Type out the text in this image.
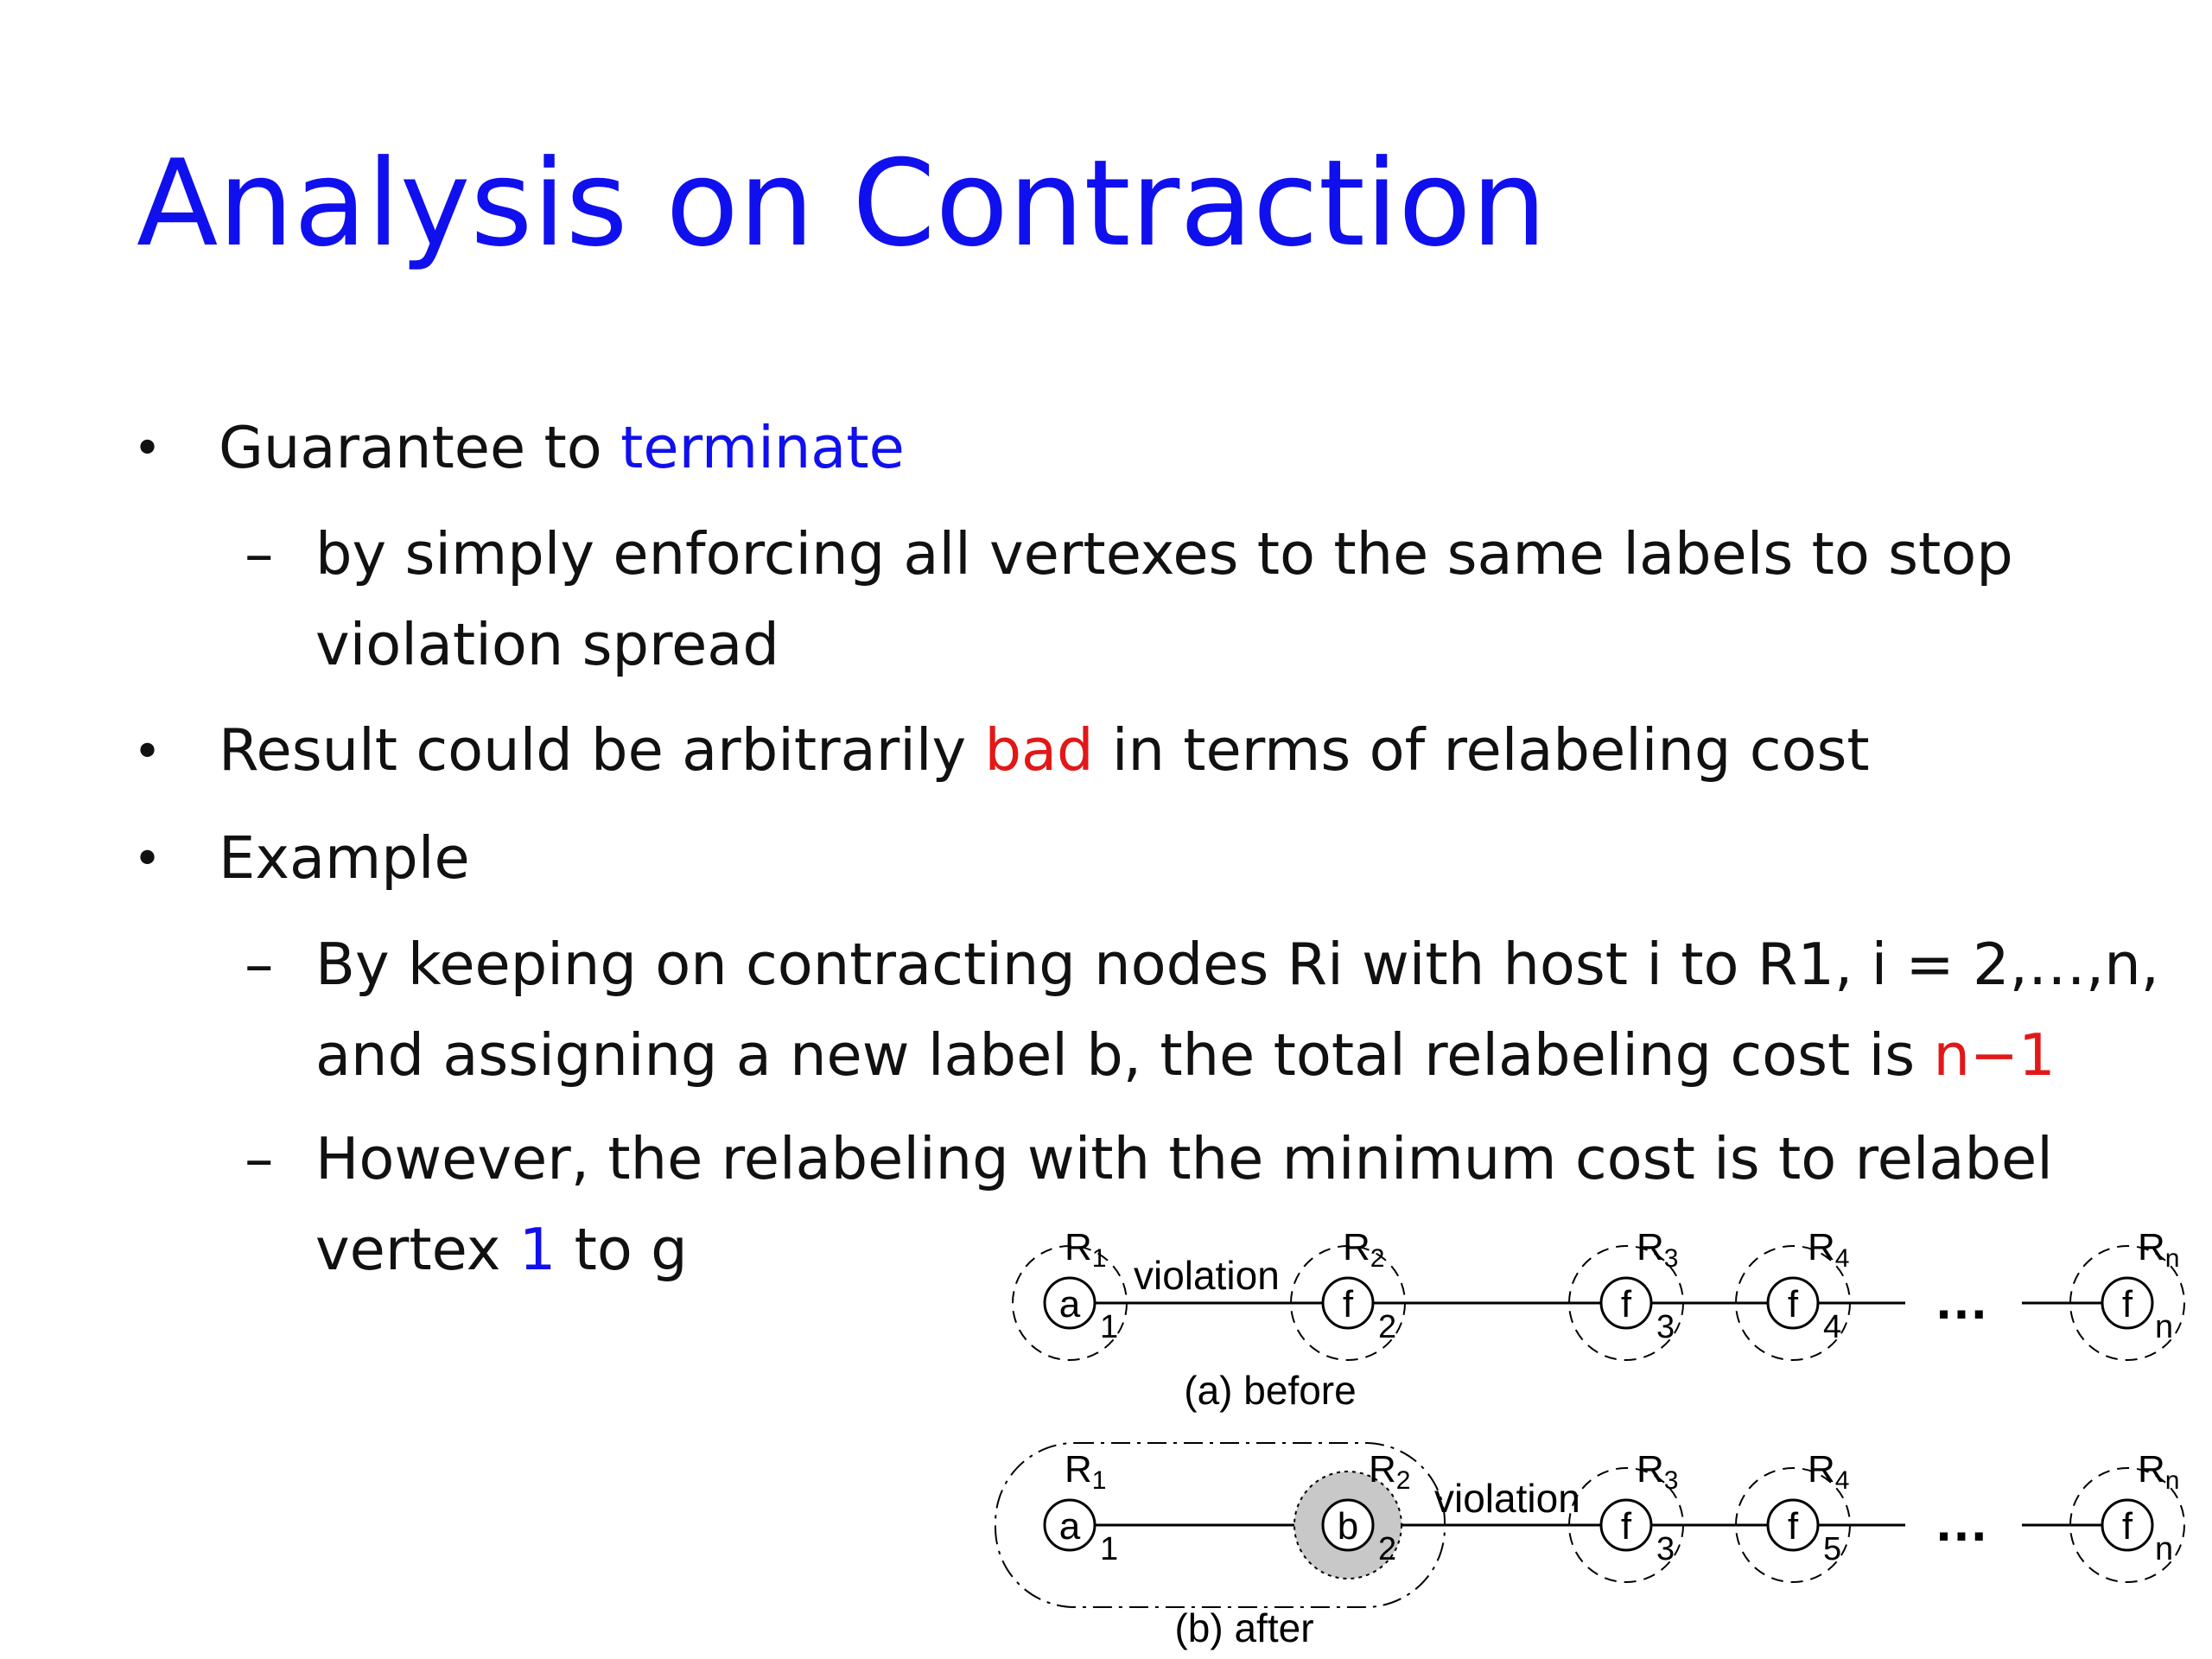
Analysis on Contraction
• Guarantee to terminate
– by simply enforcing all vertexes to the same labels to stop
violation spread
• Result could be arbitrarily bad in terms of relabeling cost
• Example
– By keeping on contracting nodes Ri with host i to R1, i = 2,…,n,
and assigning a new label b, the total relabeling cost is n−1
– However, the relabeling with the minimum cost is to relabel
vertex 1 to g
…
violation
(a) before
a
R1
1
f
R2
2
f
R3
3
f
R4
4
f
Rn
n
…
violation
(b) after
a
R1
1
b
R2
2
f
R3
3
f
R4
5
f
Rn
n
